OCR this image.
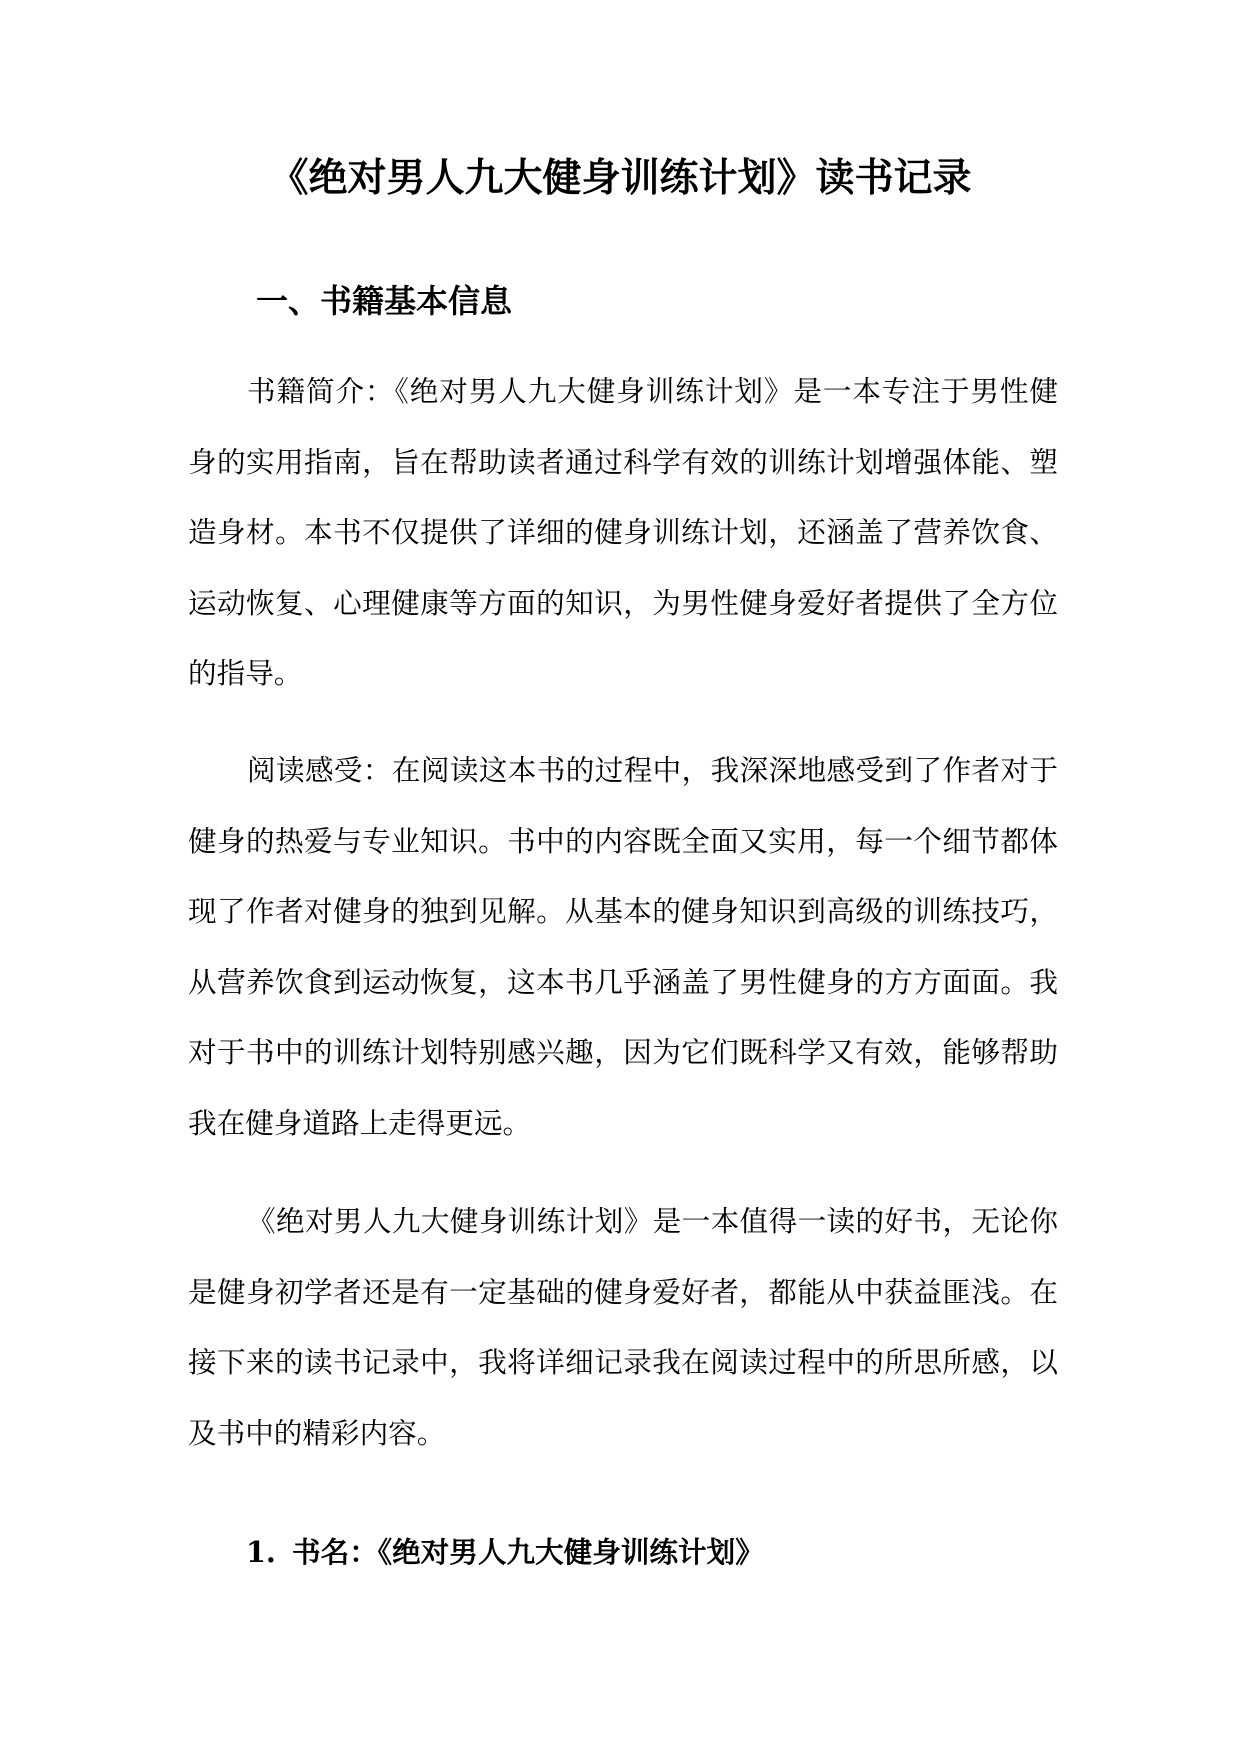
《绝对男人九大健身训练计划》读书记录
一、书籍基本信息

书籍简介：《绝对男人九大健身训练计划》是一本专注于男性健身的实用指南，旨在帮助读者通过科学有效的训练计划增强体能、塑造身材。本书不仅提供了详细的健身训练计划，还涵盖了营养饮食、运动恢复、心理健康等方面的知识，为男性健身爱好者提供了全方位的指导。

阅读感受：在阅读这本书的过程中，我深深地感受到了作者对于健身的热爱与专业知识。书中的内容既全面又实用，每一个细节都体现了作者对健身的独到见解。从基本的健身知识到高级的训练技巧，从营养饮食到运动恢复，这本书几乎涵盖了男性健身的方方面面。我对于书中的训练计划特别感兴趣，因为它们既科学又有效，能够帮助我在健身道路上走得更远。

《绝对男人九大健身训练计划》是一本值得一读的好书，无论你是健身初学者还是有一定基础的健身爱好者，都能从中获益匪浅。在接下来的读书记录中，我将详细记录我在阅读过程中的所思所感，以及书中的精彩内容。

1. 书名：《绝对男人九大健身训练计划》
